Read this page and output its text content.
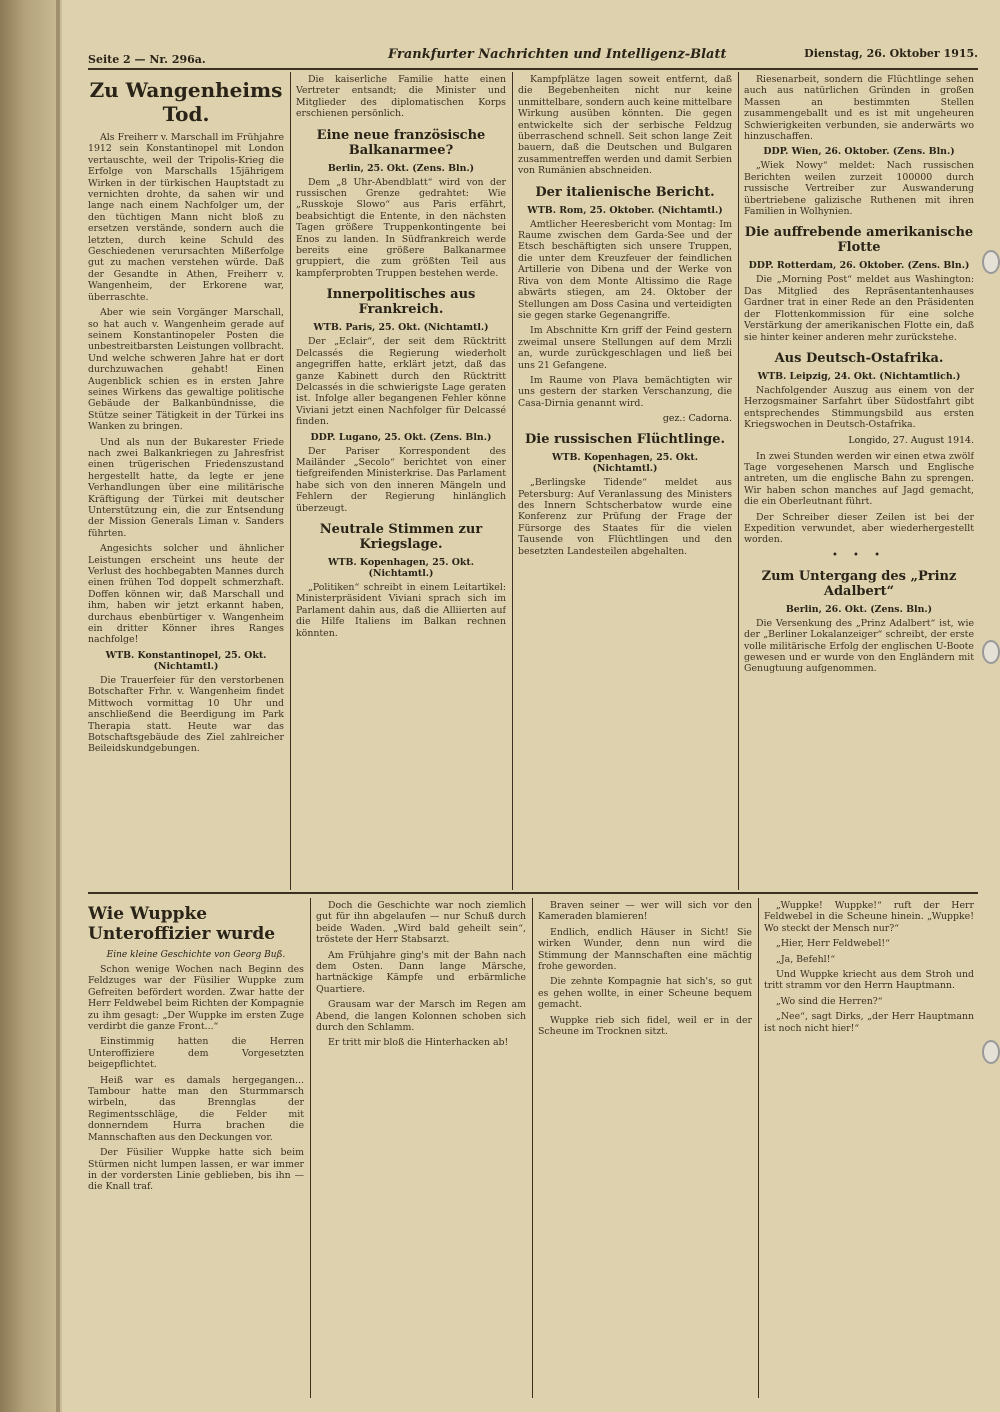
Seite 2 — Nr. 296a.	Frankfurter Nachrichten und Intelligenz-Blatt	Dienstag, 26. Oktober 1915.
Zu Wangenheims Tod.

Als Freiherr v. Marschall im Frühjahre 1912 sein Konstantinopel mit London vertauschte, weil der Tripolis-Krieg die Erfolge von Marschalls 15jährigem Wirken in der türkischen Hauptstadt zu vernichten drohte, da sahen wir und lange nach einem Nachfolger um, der den tüchtigen Mann nicht bloß zu ersetzen verstände, sondern auch die letzten, durch keine Schuld des Geschiedenen verursachten Mißerfolge gut zu machen verstehen würde. Daß der Gesandte in Athen, Freiherr v. Wangenheim, der Erkorene war, überraschte.

Aber wie sein Vorgänger Marschall, so hat auch v. Wangenheim gerade auf seinem Konstantinopeler Posten die unbestreitbarsten Leistungen vollbracht. Und welche schweren Jahre hat er dort durchzuwachen gehabt! Einen Augenblick schien es in ersten Jahre seines Wirkens das gewaltige politische Gebäude der Balkanbündnisse, die Stütze seiner Tätigkeit in der Türkei ins Wanken zu bringen.

Und als nun der Bukarester Friede nach zwei Balkankriegen zu Jahresfrist einen trügerischen Friedenszustand hergestellt hatte, da legte er jene Verhandlungen über eine militärische Kräftigung der Türkei mit deutscher Unterstützung ein, die zur Entsendung der Mission Generals Liman v. Sanders führten.

Angesichts solcher und ähnlicher Leistungen erscheint uns heute der Verlust des hochbegabten Mannes durch einen frühen Tod doppelt schmerzhaft. Doffen können wir, daß Marschall und ihm, haben wir jetzt erkannt haben, durchaus ebenbürtiger v. Wangenheim ein dritter Könner ihres Ranges nachfolge!

WTB. Konstantinopel, 25. Okt. (Nichtamtl.)

Die Trauerfeier für den verstorbenen Botschafter Frhr. v. Wangenheim findet Mittwoch vormittag 10 Uhr und anschließend die Beerdigung im Park Therapia statt. Heute war das Botschaftsgebäude des Ziel zahlreicher Beileidskundgebungen.

Die kaiserliche Familie hatte einen Vertreter entsandt; die Minister und Mitglieder des diplomatischen Korps erschienen persönlich.

Eine neue französische Balkanarmee?
Berlin, 25. Okt. (Zens. Bln.)

Dem „8 Uhr-Abendblatt“ wird von der russischen Grenze gedrahtet: Wie „Russkoje Slowo“ aus Paris erfährt, beabsichtigt die Entente, in den nächsten Tagen größere Truppenkontingente bei Enos zu landen. In Südfrankreich werde bereits eine größere Balkanarmee gruppiert, die zum größten Teil aus kampferprobten Truppen bestehen werde.

Innerpolitisches aus Frankreich.
WTB. Paris, 25. Okt. (Nichtamtl.)

Der „Eclair“, der seit dem Rücktritt Delcassés die Regierung wiederholt angegriffen hatte, erklärt jetzt, daß das ganze Kabinett durch den Rücktritt Delcassés in die schwierigste Lage geraten ist. Infolge aller begangenen Fehler könne Viviani jetzt einen Nachfolger für Delcassé finden.

DDP. Lugano, 25. Okt. (Zens. Bln.)

Der Pariser Korrespondent des Mailänder „Secolo“ berichtet von einer tiefgreifenden Ministerkrise. Das Parlament habe sich von den inneren Mängeln und Fehlern der Regierung hinlänglich überzeugt.

Neutrale Stimmen zur Kriegslage.
WTB. Kopenhagen, 25. Okt. (Nichtamtl.)

„Politiken“ schreibt in einem Leitartikel: Ministerpräsident Viviani sprach sich im Parlament dahin aus, daß die Alliierten auf die Hilfe Italiens im Balkan rechnen könnten.

Kampfplätze lagen soweit entfernt, daß die Begebenheiten nicht nur keine unmittelbare, sondern auch keine mittelbare Wirkung ausüben könnten. Die gegen entwickelte sich der serbische Feldzug überraschend schnell. Seit schon lange Zeit bauern, daß die Deutschen und Bulgaren zusammentreffen werden und damit Serbien von Rumänien abschneiden.

Der italienische Bericht.
WTB. Rom, 25. Oktober. (Nichtamtl.)

Amtlicher Heeresbericht vom Montag: Im Raume zwischen dem Garda-See und der Etsch beschäftigten sich unsere Truppen, die unter dem Kreuzfeuer der feindlichen Artillerie von Dibena und der Werke von Riva von dem Monte Altissimo die Rage abwärts stiegen, am 24. Oktober der Stellungen am Doss Casina und verteidigten sie gegen starke Gegenangriffe.

Im Abschnitte Krn griff der Feind gestern zweimal unsere Stellungen auf dem Mrzli an, wurde zurückgeschlagen und ließ bei uns 21 Gefangene.

Im Raume von Plava bemächtigten wir uns gestern der starken Verschanzung, die Casa-Dirnia genannt wird.

gez.: Cadorna.
Die russischen Flüchtlinge.
WTB. Kopenhagen, 25. Okt. (Nichtamtl.)

„Berlingske Tidende“ meldet aus Petersburg: Auf Veranlassung des Ministers des Innern Schtscherbatow wurde eine Konferenz zur Prüfung der Frage der Fürsorge des Staates für die vielen Tausende von Flüchtlingen und den besetzten Landesteilen abgehalten.

Riesenarbeit, sondern die Flüchtlinge sehen auch aus natürlichen Gründen in großen Massen an bestimmten Stellen zusammengeballt und es ist mit ungeheuren Schwierigkeiten verbunden, sie anderwärts wo hinzuschaffen.

DDP. Wien, 26. Oktober. (Zens. Bln.)

„Wiek Nowy“ meldet: Nach russischen Berichten weilen zurzeit 100000 durch russische Vertreiber zur Auswanderung übertriebene galizische Ruthenen mit ihren Familien in Wolhynien.

Die auffrebende amerikanische Flotte
DDP. Rotterdam, 26. Oktober. (Zens. Bln.)

Die „Morning Post“ meldet aus Washington: Das Mitglied des Repräsentantenhauses Gardner trat in einer Rede an den Präsidenten der Flottenkommission für eine solche Verstärkung der amerikanischen Flotte ein, daß sie hinter keiner anderen mehr zurückstehe.

Aus Deutsch-Ostafrika.
WTB. Leipzig, 24. Okt. (Nichtamtlich.)

Nachfolgender Auszug aus einem von der Herzogsmainer Sarfahrt über Südostfahrt gibt entsprechendes Stimmungsbild aus ersten Kriegswochen in Deutsch-Ostafrika.

Longido, 27. August 1914.

In zwei Stunden werden wir einen etwa zwölf Tage vorgesehenen Marsch und Englische antreten, um die englische Bahn zu sprengen. Wir haben schon manches auf Jagd gemacht, die ein Oberleutnant führt.

Der Schreiber dieser Zeilen ist bei der Expedition verwundet, aber wiederhergestellt worden.

• • •
Zum Untergang des „Prinz Adalbert“
Berlin, 26. Okt. (Zens. Bln.)

Die Versenkung des „Prinz Adalbert“ ist, wie der „Berliner Lokalanzeiger“ schreibt, der erste volle militärische Erfolg der englischen U-Boote gewesen und er wurde von den Engländern mit Genugtuung aufgenommen.

Wie Wuppke Unteroffizier wurde
Eine kleine Geschichte von Georg Buß.

Schon wenige Wochen nach Beginn des Feldzuges war der Füsilier Wuppke zum Gefreiten befördert worden. Zwar hatte der Herr Feldwebel beim Richten der Kompagnie zu ihm gesagt: „Der Wuppke im ersten Zuge verdirbt die ganze Front...“

Einstimmig hatten die Herren Unteroffiziere dem Vorgesetzten beigepflichtet.

Heiß war es damals hergegangen... Tambour hatte man den Sturmmarsch wirbeln, das Brennglas der Regimentsschläge, die Felder mit donnerndem Hurra brachen die Mannschaften aus den Deckungen vor.

Der Füsilier Wuppke hatte sich beim Stürmen nicht lumpen lassen, er war immer in der vordersten Linie geblieben, bis ihn — die Knall traf.

Doch die Geschichte war noch ziemlich gut für ihn abgelaufen — nur Schuß durch beide Waden. „Wird bald geheilt sein“, tröstete der Herr Stabsarzt.

Am Frühjahre ging's mit der Bahn nach dem Osten. Dann lange Märsche, hartnäckige Kämpfe und erbärmliche Quartiere.

Grausam war der Marsch im Regen am Abend, die langen Kolonnen schoben sich durch den Schlamm.

Er tritt mir bloß die Hinterhacken ab!

Braven seiner — wer will sich vor den Kameraden blamieren!

Endlich, endlich Häuser in Sicht! Sie wirken Wunder, denn nun wird die Stimmung der Mannschaften eine mächtig frohe geworden.

Die zehnte Kompagnie hat sich's, so gut es gehen wollte, in einer Scheune bequem gemacht.

Wuppke rieb sich fidel, weil er in der Scheune im Trocknen sitzt.

„Wuppke! Wuppke!“ ruft der Herr Feldwebel in die Scheune hinein. „Wuppke! Wo steckt der Mensch nur?“

„Hier, Herr Feldwebel!“

„Ja, Befehl!“

Und Wuppke kriecht aus dem Stroh und tritt stramm vor den Herrn Hauptmann.

„Wo sind die Herren?“

„Nee“, sagt Dirks, „der Herr Hauptmann ist noch nicht hier!“
